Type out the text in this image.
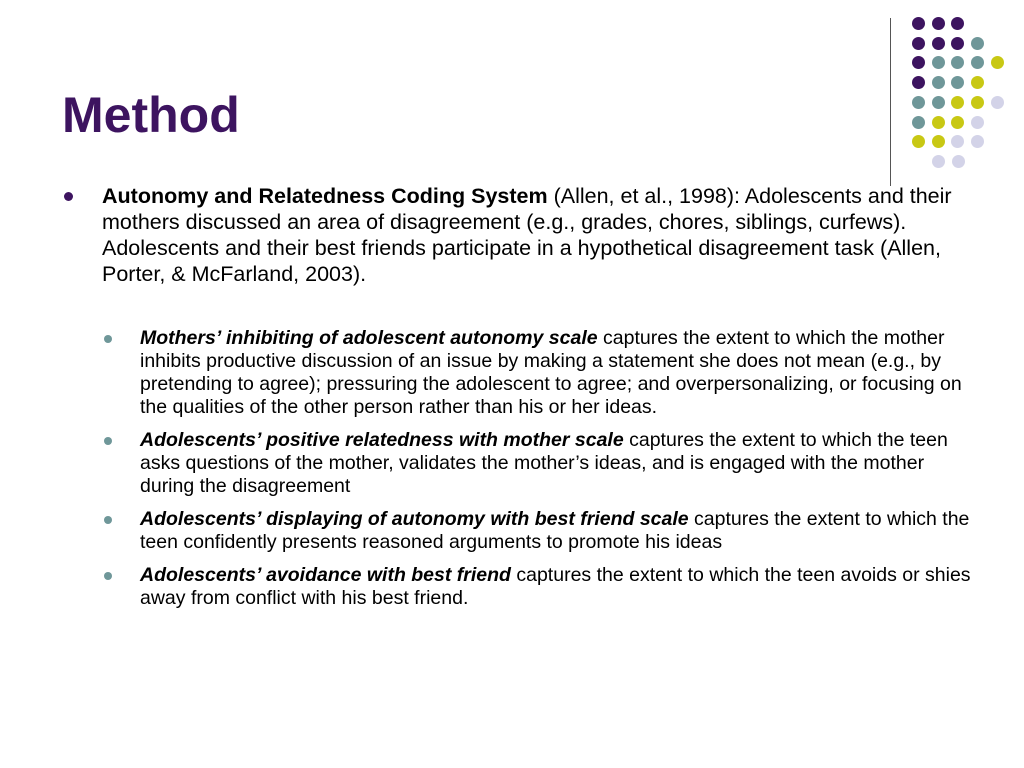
Method

Autonomy and Relatedness Coding System (Allen, et al., 1998): Adolescents and their mothers discussed an area of disagreement (e.g., grades, chores, siblings, curfews). Adolescents and their best friends participate in a hypothetical disagreement task (Allen, Porter, & McFarland, 2003).

Mothers’ inhibiting of adolescent autonomy scale captures the extent to which the mother inhibits productive discussion of an issue by making a statement she does not mean (e.g., by pretending to agree); pressuring the adolescent to agree; and overpersonalizing, or focusing on the qualities of the other person rather than his or her ideas.

Adolescents’ positive relatedness with mother scale captures the extent to which the teen asks questions of the mother, validates the mother’s ideas, and is engaged with the mother during the disagreement

Adolescents’ displaying of autonomy with best friend scale captures the extent to which the teen confidently presents reasoned arguments to promote his ideas

Adolescents’ avoidance with best friend captures the extent to which the teen avoids or shies away from conflict with his best friend.
